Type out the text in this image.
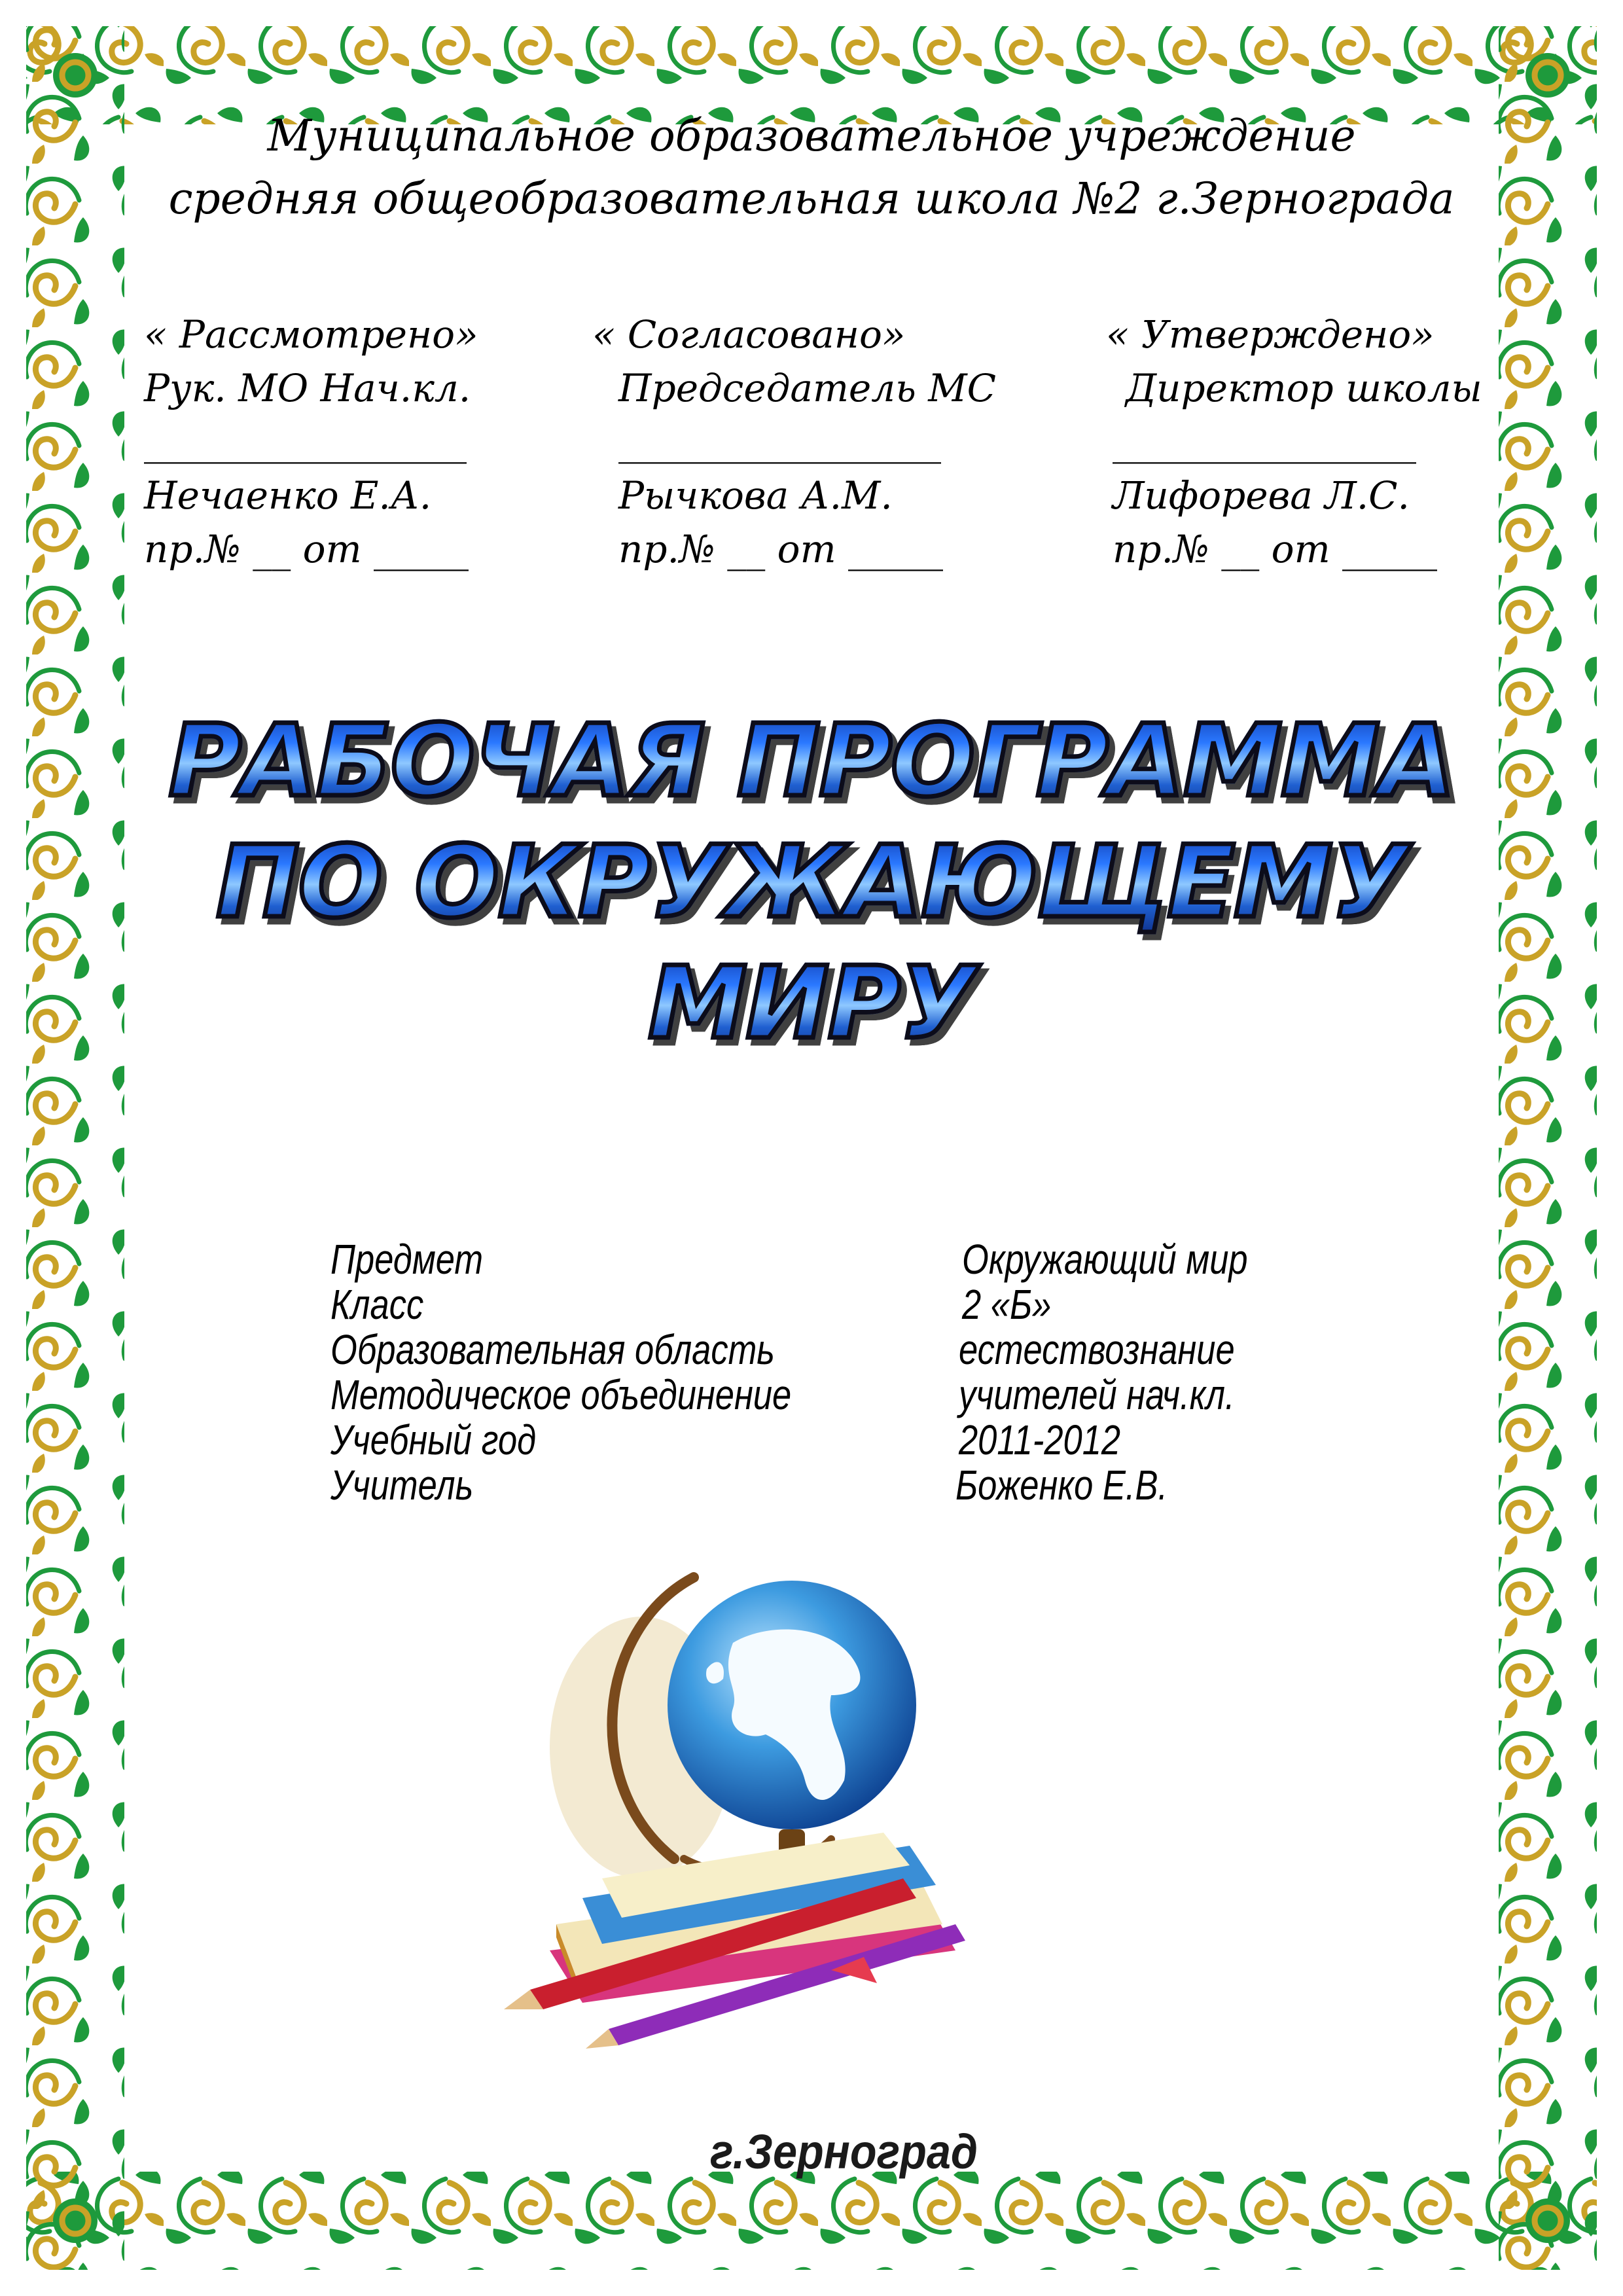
Муниципальное образовательное учреждение
средняя общеобразовательная школа №2 г.Зернограда
« Рассмотрено»
Рук. МО Нач.кл.
_________________
Нечаенко Е.А.
пр.№ __ от _____
« Согласовано»
Председатель МС
_________________
Рычкова А.М.
пр.№ __ от _____
« Утверждено»
Директор школы
________________
Лифорева Л.С.
пр.№ __ от _____
РАБОЧАЯ ПРОГРАММА
ПО ОКРУЖАЮЩЕМУ
МИРУ
Предмет	Окружающий мир
Класс	2 «Б»
Образовательная область	естествознание
Методическое объединение	учителей нач.кл.
Учебный год	2011-2012
Учитель	Боженко Е.В.
г.Зерноград
